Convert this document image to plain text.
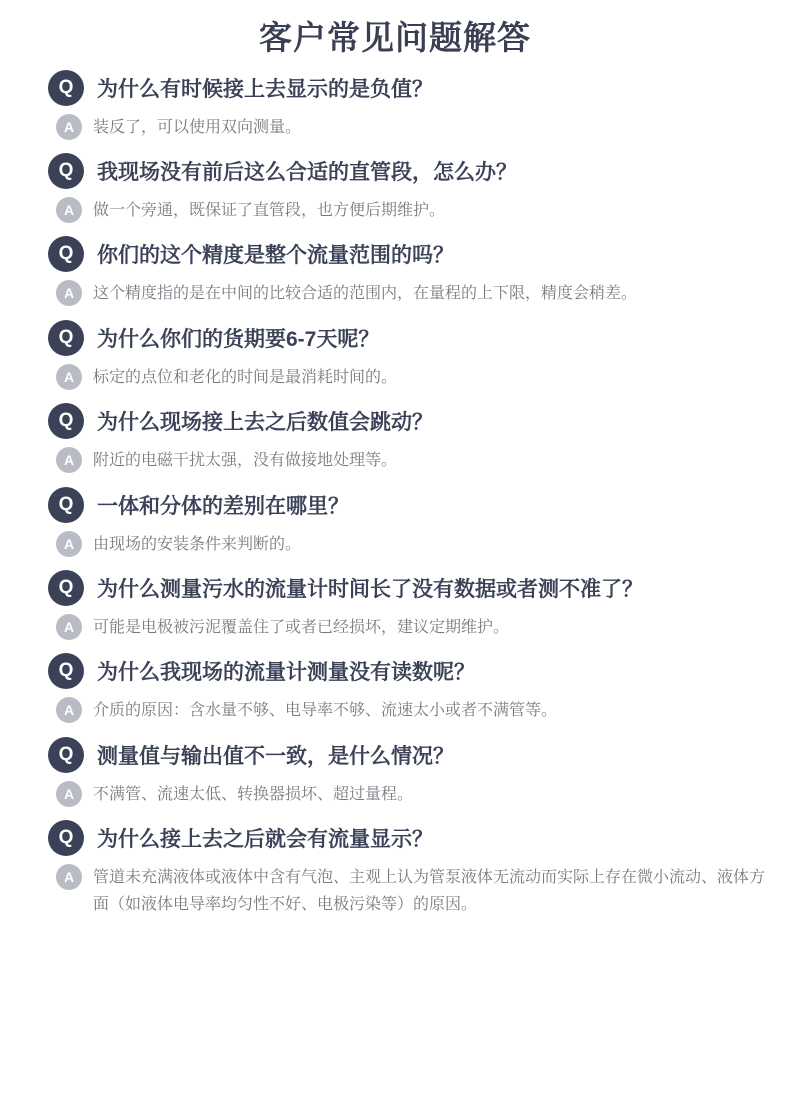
客户常见问题解答
Q	为什么有时候接上去显示的是负值？
A	装反了，可以使用双向测量。
Q	我现场没有前后这么合适的直管段，怎么办？
A	做一个旁通，既保证了直管段，也方便后期维护。
Q	你们的这个精度是整个流量范围的吗？
A	这个精度指的是在中间的比较合适的范围内，在量程的上下限，精度会稍差。
Q	为什么你们的货期要6-7天呢？
A	标定的点位和老化的时间是最消耗时间的。
Q	为什么现场接上去之后数值会跳动？
A	附近的电磁干扰太强，没有做接地处理等。
Q	一体和分体的差别在哪里？
A	由现场的安装条件来判断的。
Q	为什么测量污水的流量计时间长了没有数据或者测不准了？
A	可能是电极被污泥覆盖住了或者已经损坏，建议定期维护。
Q	为什么我现场的流量计测量没有读数呢？
A	介质的原因：含水量不够、电导率不够、流速太小或者不满管等。
Q	测量值与输出值不一致，是什么情况？
A	不满管、流速太低、转换器损坏、超过量程。
Q	为什么接上去之后就会有流量显示？
A	管道未充满液体或液体中含有气泡、主观上认为管泵液体无流动而实际上存在微小流动、液体方面（如液体电导率均匀性不好、电极污染等）的原因。
